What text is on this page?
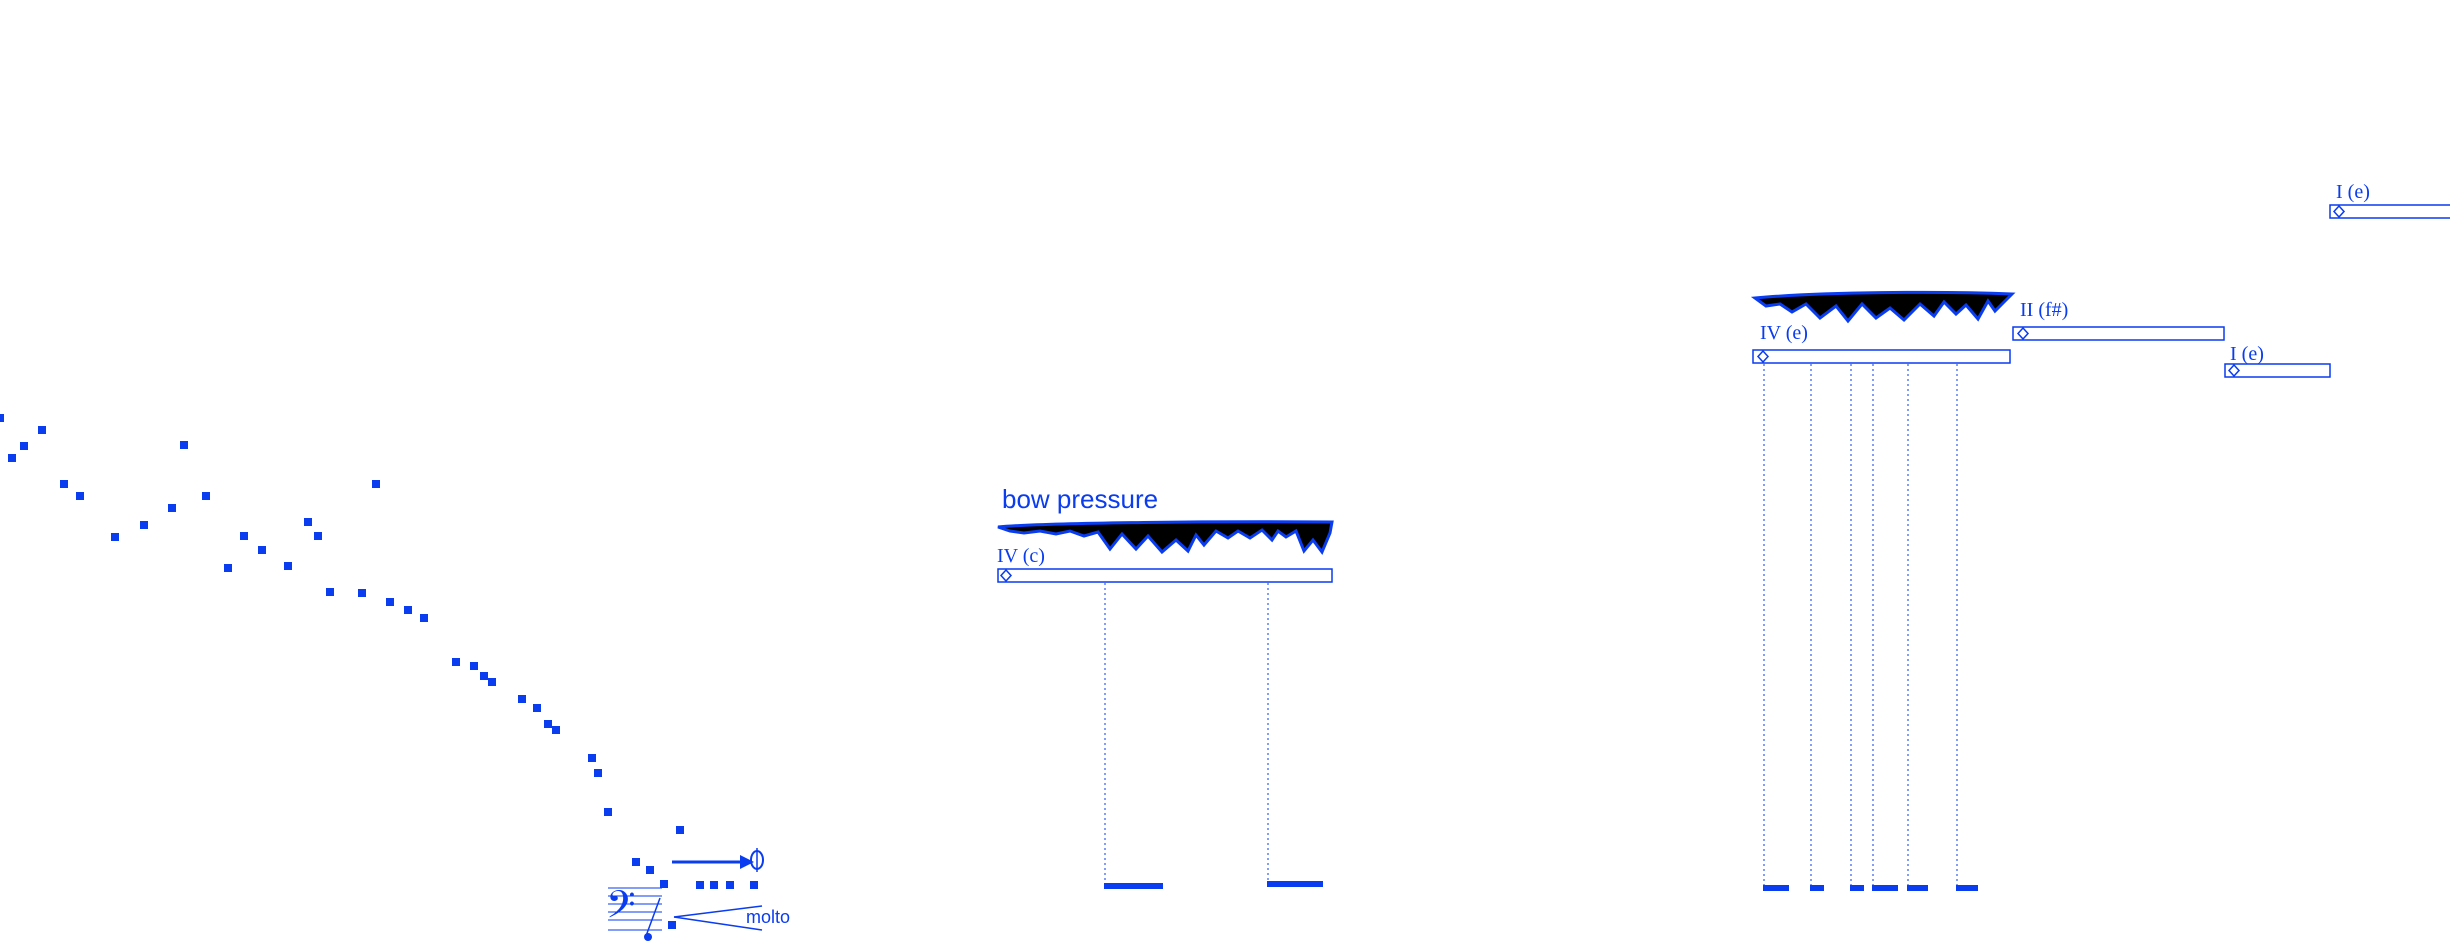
𝄢	molto
bow pressure
IV (c)
IV (e)
II (f#)
I (e)
I (e)
